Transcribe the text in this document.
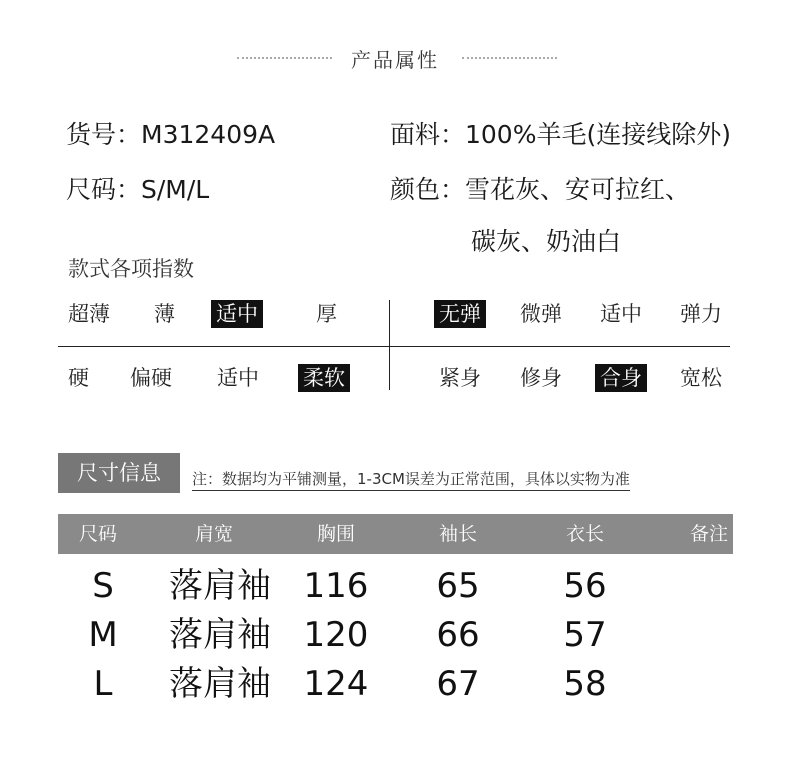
产品属性
货号：M312409A	面料：100%羊毛(连接线除外)
尺码：S/M/L	颜色：雪花灰、安可拉红、
碳灰、奶油白
款式各项指数
超薄 薄 适中	厚	无弹 微弹 适中 弹力
硬 偏硬 适中 柔软	紧身 修身 合身 宽松
尺寸信息	注：数据均为平铺测量，1-3CM误差为正常范围，具体以实物为准
尺码	肩宽	胸围	袖长	衣长	备注
S 落肩袖 116 65 56
M 落肩袖 120 66 57
L 落肩袖 124 67 58
